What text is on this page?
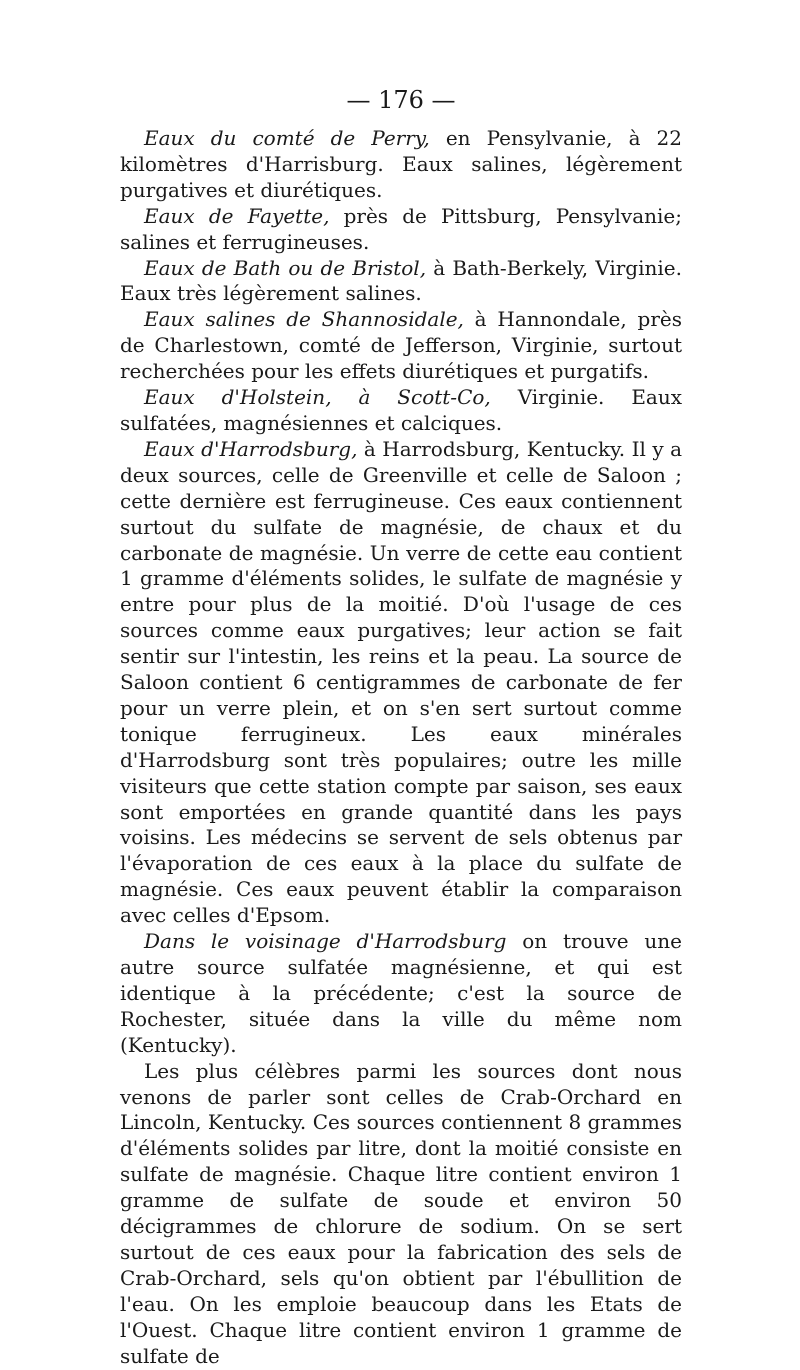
— 176 —

Eaux du comté de Perry, en Pensylvanie, à 22 kilomètres d'Harrisburg. Eaux salines, légèrement purgatives et diurétiques.

Eaux de Fayette, près de Pittsburg, Pensylvanie; salines et ferrugineuses.

Eaux de Bath ou de Bristol, à Bath-Berkely, Virginie. Eaux très légèrement salines.

Eaux salines de Shannosidale, à Hannondale, près de Charlestown, comté de Jefferson, Virginie, surtout recherchées pour les effets diurétiques et purgatifs.

Eaux d'Holstein, à Scott-Co, Virginie. Eaux sulfatées, magnésiennes et calciques.

Eaux d'Harrodsburg, à Harrodsburg, Kentucky. Il y a deux sources, celle de Greenville et celle de Saloon ; cette dernière est ferrugineuse. Ces eaux contiennent surtout du sulfate de magnésie, de chaux et du carbonate de magnésie. Un verre de cette eau contient 1 gramme d'éléments solides, le sulfate de magnésie y entre pour plus de la moitié. D'où l'usage de ces sources comme eaux purgatives; leur action se fait sentir sur l'intestin, les reins et la peau. La source de Saloon contient 6 centigrammes de carbonate de fer pour un verre plein, et on s'en sert surtout comme tonique ferrugineux. Les eaux minérales d'Harrodsburg sont très populaires; outre les mille visiteurs que cette station compte par saison, ses eaux sont emportées en grande quantité dans les pays voisins. Les médecins se servent de sels obtenus par l'évaporation de ces eaux à la place du sulfate de magnésie. Ces eaux peuvent établir la comparaison avec celles d'Epsom.

Dans le voisinage d'Harrodsburg on trouve une autre source sulfatée magnésienne, et qui est identique à la précédente; c'est la source de Rochester, située dans la ville du même nom (Kentucky).

Les plus célèbres parmi les sources dont nous venons de parler sont celles de Crab-Orchard en Lincoln, Kentucky. Ces sources contiennent 8 grammes d'éléments solides par litre, dont la moitié consiste en sulfate de magnésie. Chaque litre contient environ 1 gramme de sulfate de soude et environ 50 décigrammes de chlorure de sodium. On se sert surtout de ces eaux pour la fabrication des sels de Crab-Orchard, sels qu'on obtient par l'ébullition de l'eau. On les emploie beaucoup dans les Etats de l'Ouest. Chaque litre contient environ 1 gramme de sulfate de
